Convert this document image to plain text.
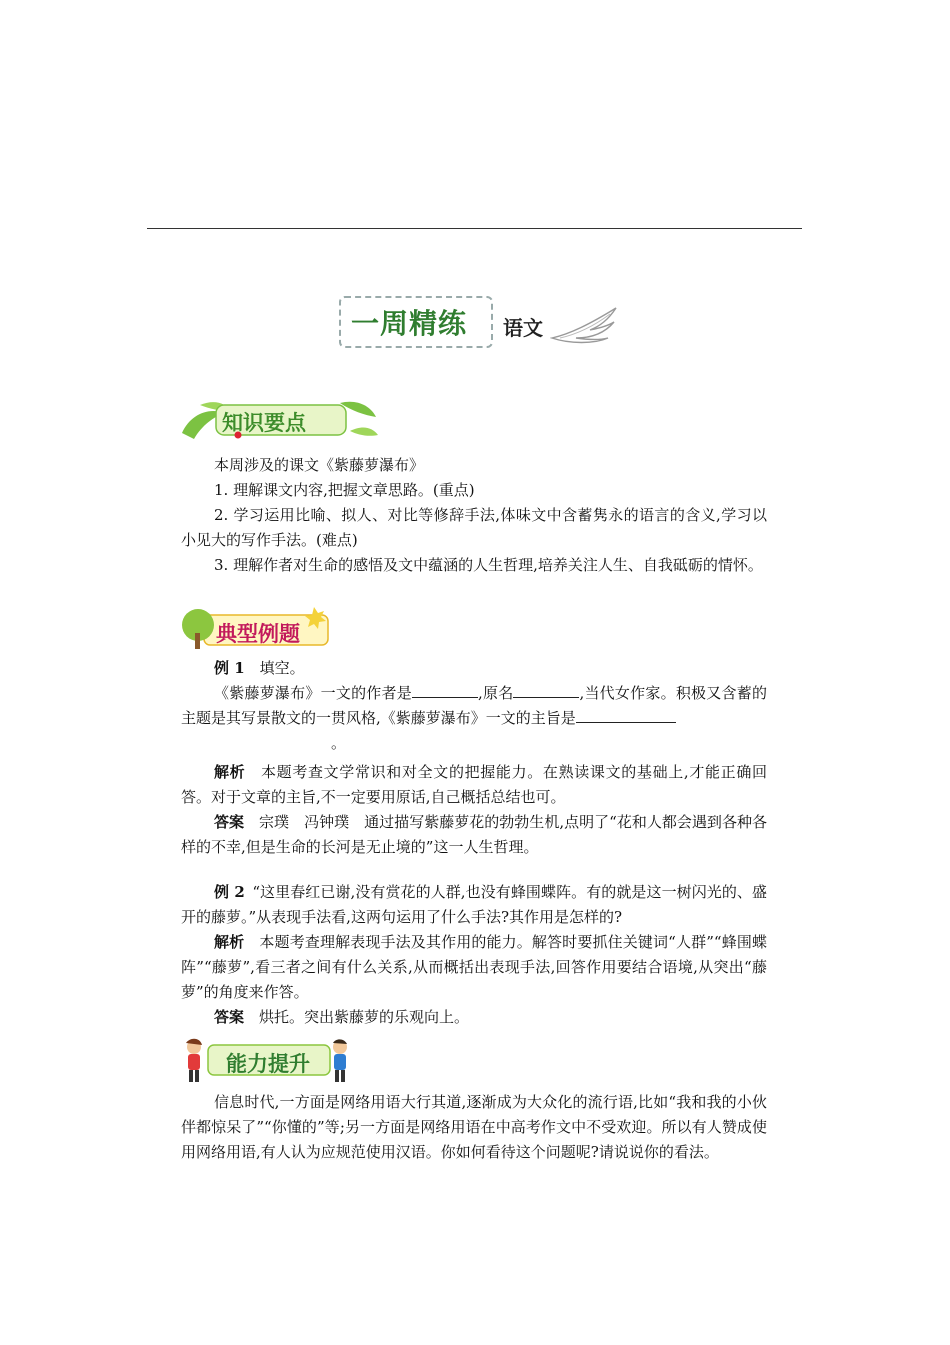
一周精练 语文
知识要点

本周涉及的课文《紫藤萝瀑布》

1. 理解课文内容,把握文章思路。(重点)

2. 学习运用比喻、拟人、对比等修辞手法,体味文中含蓄隽永的语言的含义,学习以小见大的写作手法。(难点)

3. 理解作者对生命的感悟及文中蕴涵的人生哲理,培养关注人生、自我砥砺的情怀。

典型例题

例 1  填空。

《紫藤萝瀑布》一文的作者是	,原名	,当代女作家。积极又含蓄的主题是其写景散文的一贯风格,《紫藤萝瀑布》一文的主旨是
。

解析  本题考查文学常识和对全文的把握能力。在熟读课文的基础上,才能正确回答。对于文章的主旨,不一定要用原话,自己概括总结也可。

答案  宗璞　冯钟璞　通过描写紫藤萝花的勃勃生机,点明了“花和人都会遇到各种各样的不幸,但是生命的长河是无止境的”这一人生哲理。

例 2  “这里春红已谢,没有赏花的人群,也没有蜂围蝶阵。有的就是这一树闪光的、盛开的藤萝。”从表现手法看,这两句运用了什么手法?其作用是怎样的?

解析  本题考查理解表现手法及其作用的能力。解答时要抓住关键词“人群”“蜂围蝶阵”“藤萝”,看三者之间有什么关系,从而概括出表现手法,回答作用要结合语境,从突出“藤萝”的角度来作答。

答案  烘托。突出紫藤萝的乐观向上。

能力提升

信息时代,一方面是网络用语大行其道,逐渐成为大众化的流行语,比如“我和我的小伙伴都惊呆了”“你懂的”等;另一方面是网络用语在中高考作文中不受欢迎。所以有人赞成使用网络用语,有人认为应规范使用汉语。你如何看待这个问题呢?请说说你的看法。
